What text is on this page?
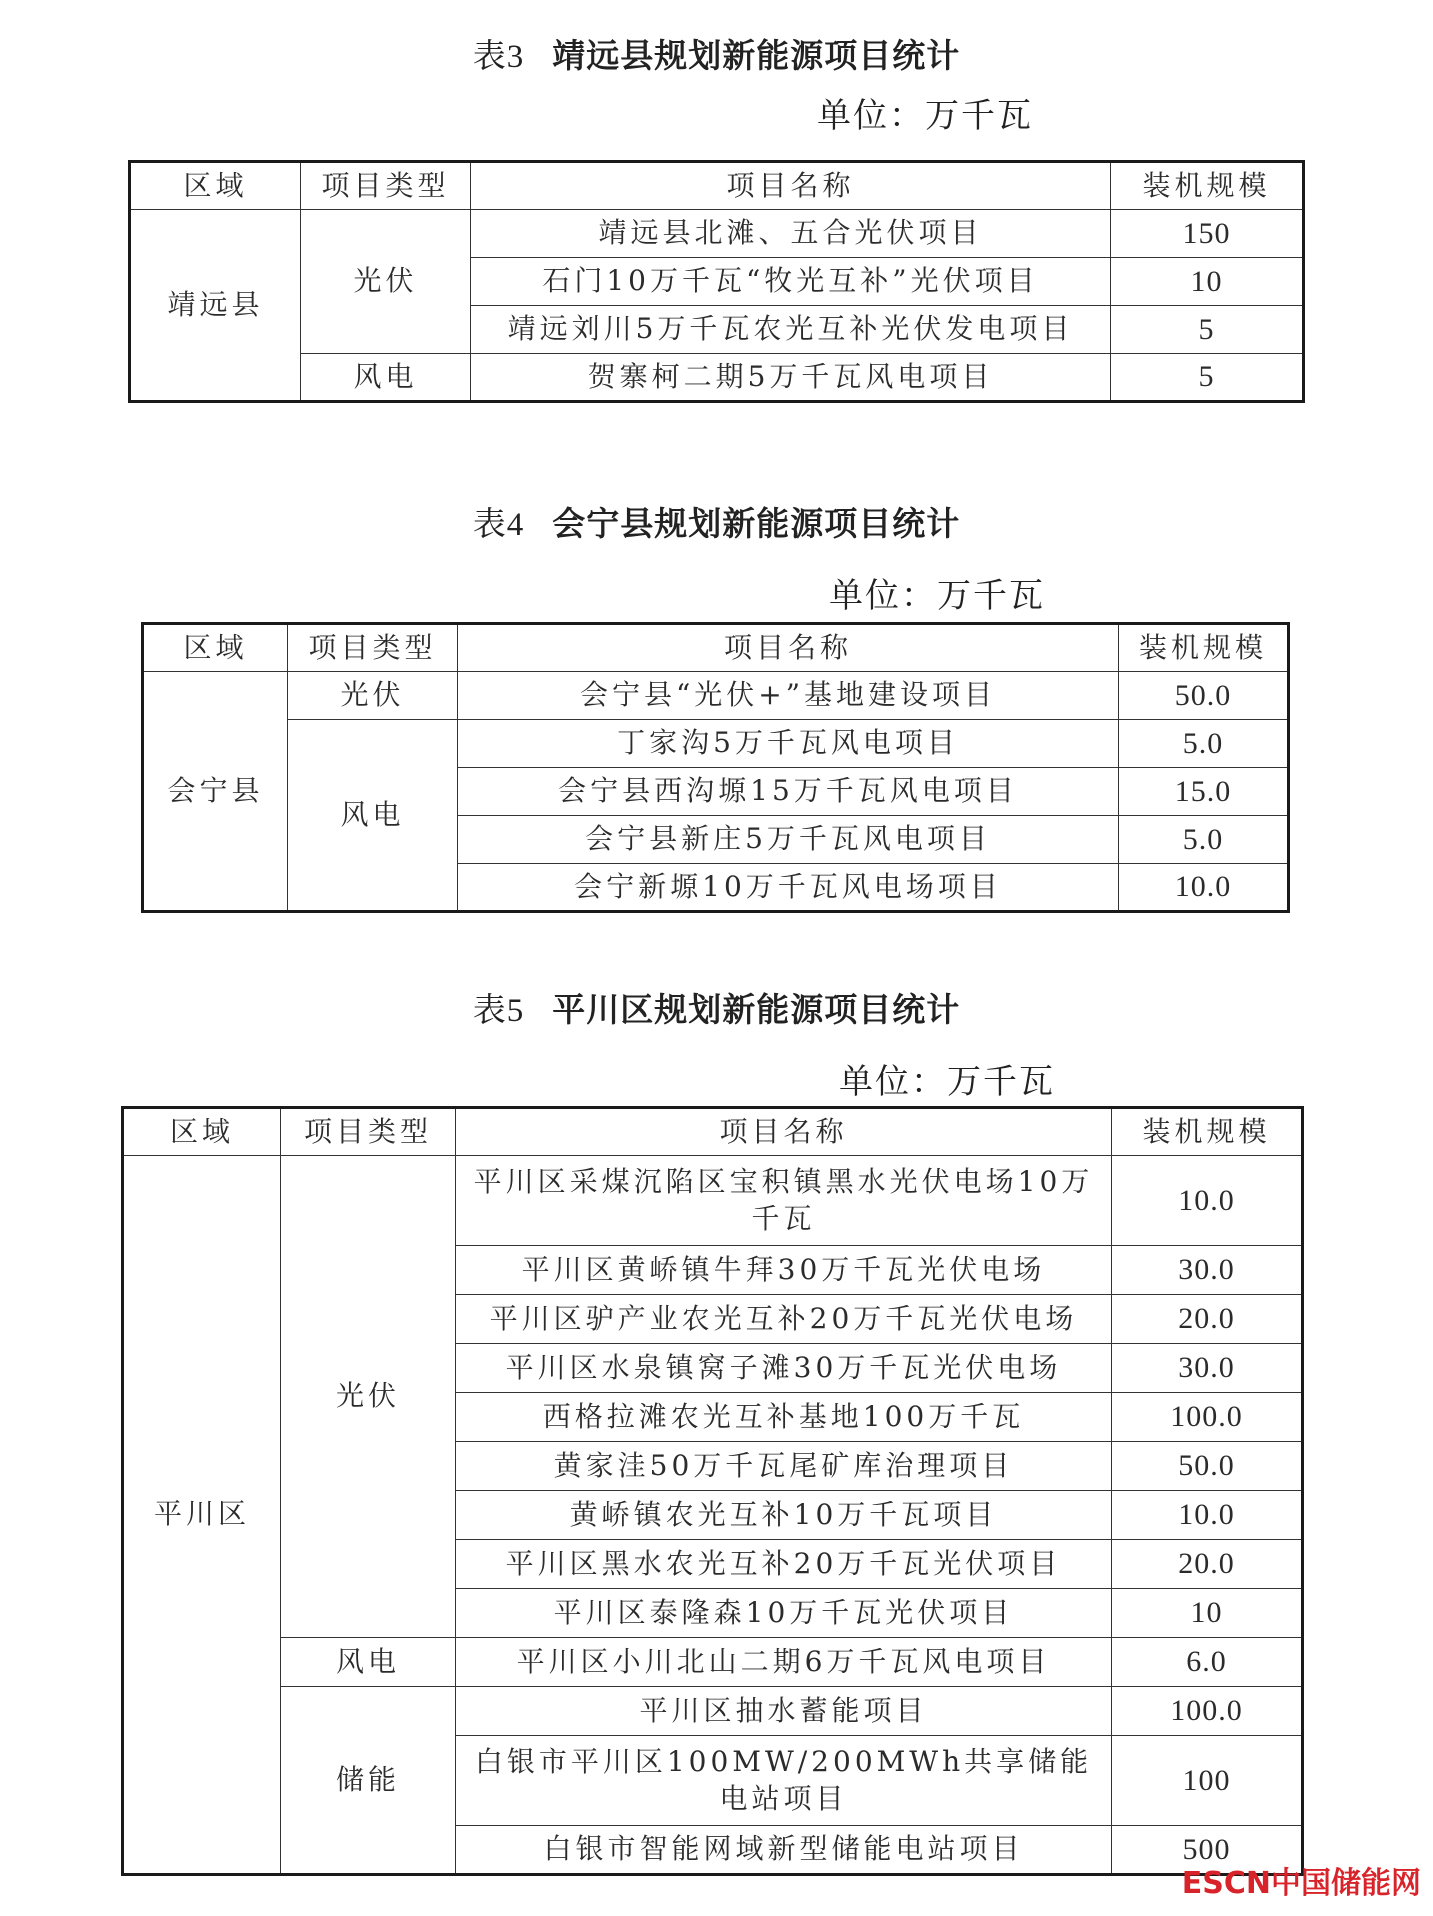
表3 靖远县规划新能源项目统计
单位：万千瓦
区域	项目类型	项目名称	装机规模
靖远县	光伏	靖远县北滩、五合光伏项目	150
		石门10万千瓦“牧光互补”光伏项目	10
		靖远刘川5万千瓦农光互补光伏发电项目	5
	风电	贺寨柯二期5万千瓦风电项目	5
表4 会宁县规划新能源项目统计
单位：万千瓦
区域	项目类型	项目名称	装机规模
会宁县	光伏	会宁县“光伏+”基地建设项目	50.0
	风电	丁家沟5万千瓦风电项目	5.0
		会宁县西沟塬15万千瓦风电项目	15.0
		会宁县新庄5万千瓦风电项目	5.0
		会宁新塬10万千瓦风电场项目	10.0
表5 平川区规划新能源项目统计
单位：万千瓦
区域	项目类型	项目名称	装机规模
平川区	光伏	平川区采煤沉陷区宝积镇黑水光伏电场10万千瓦	10.0
		平川区黄峤镇牛拜30万千瓦光伏电场	30.0
		平川区驴产业农光互补20万千瓦光伏电场	20.0
		平川区水泉镇窝子滩30万千瓦光伏电场	30.0
		西格拉滩农光互补基地100万千瓦	100.0
		黄家洼50万千瓦尾矿库治理项目	50.0
		黄峤镇农光互补10万千瓦项目	10.0
		平川区黑水农光互补20万千瓦光伏项目	20.0
		平川区泰隆森10万千瓦光伏项目	10
	风电	平川区小川北山二期6万千瓦风电项目	6.0
	储能	平川区抽水蓄能项目	100.0
		白银市平川区100MW/200MWh共享储能电站项目	100
		白银市智能网域新型储能电站项目	500
ESCN中国储能网
